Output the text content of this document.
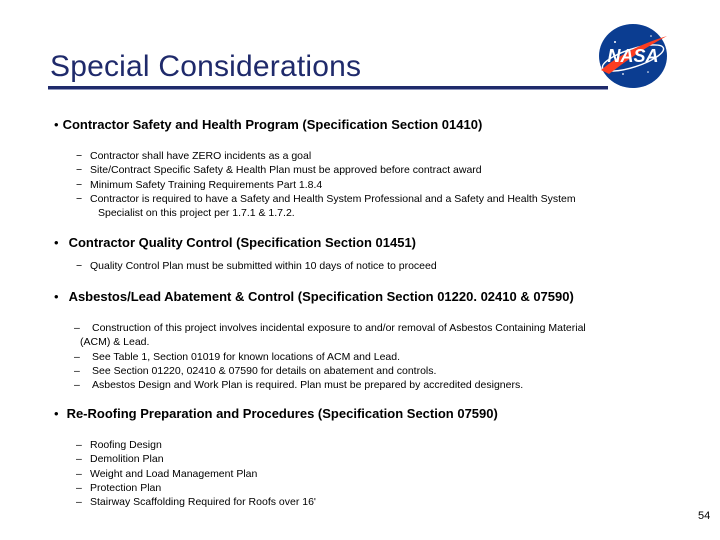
Special Considerations	NASA
• Contractor Safety and Health Program (Specification Section 01410)
− Contractor shall have ZERO incidents as a goal
− Site/Contract Specific Safety & Health Plan must be approved before contract award
− Minimum Safety Training Requirements Part 1.8.4
− Contractor is required to have a Safety and Health System Professional and a Safety and Health System
Specialist on this project per 1.7.1 & 1.7.2.
• Contractor Quality Control (Specification Section 01451)
− Quality Control Plan must be submitted within 10 days of notice to proceed
• Asbestos/Lead Abatement & Control (Specification Section 01220. 02410 & 07590)
– Construction of this project involves incidental exposure to and/or removal of Asbestos Containing Material
(ACM) & Lead.
– See Table 1, Section 01019 for known locations of ACM and Lead.
– See Section 01220, 02410 & 07590 for details on abatement and controls.
– Asbestos Design and Work Plan is required. Plan must be prepared by accredited designers.
• Re-Roofing Preparation and Procedures (Specification Section 07590)
– Roofing Design
– Demolition Plan
– Weight and Load Management Plan
– Protection Plan
– Stairway Scaffolding Required for Roofs over 16'
54
